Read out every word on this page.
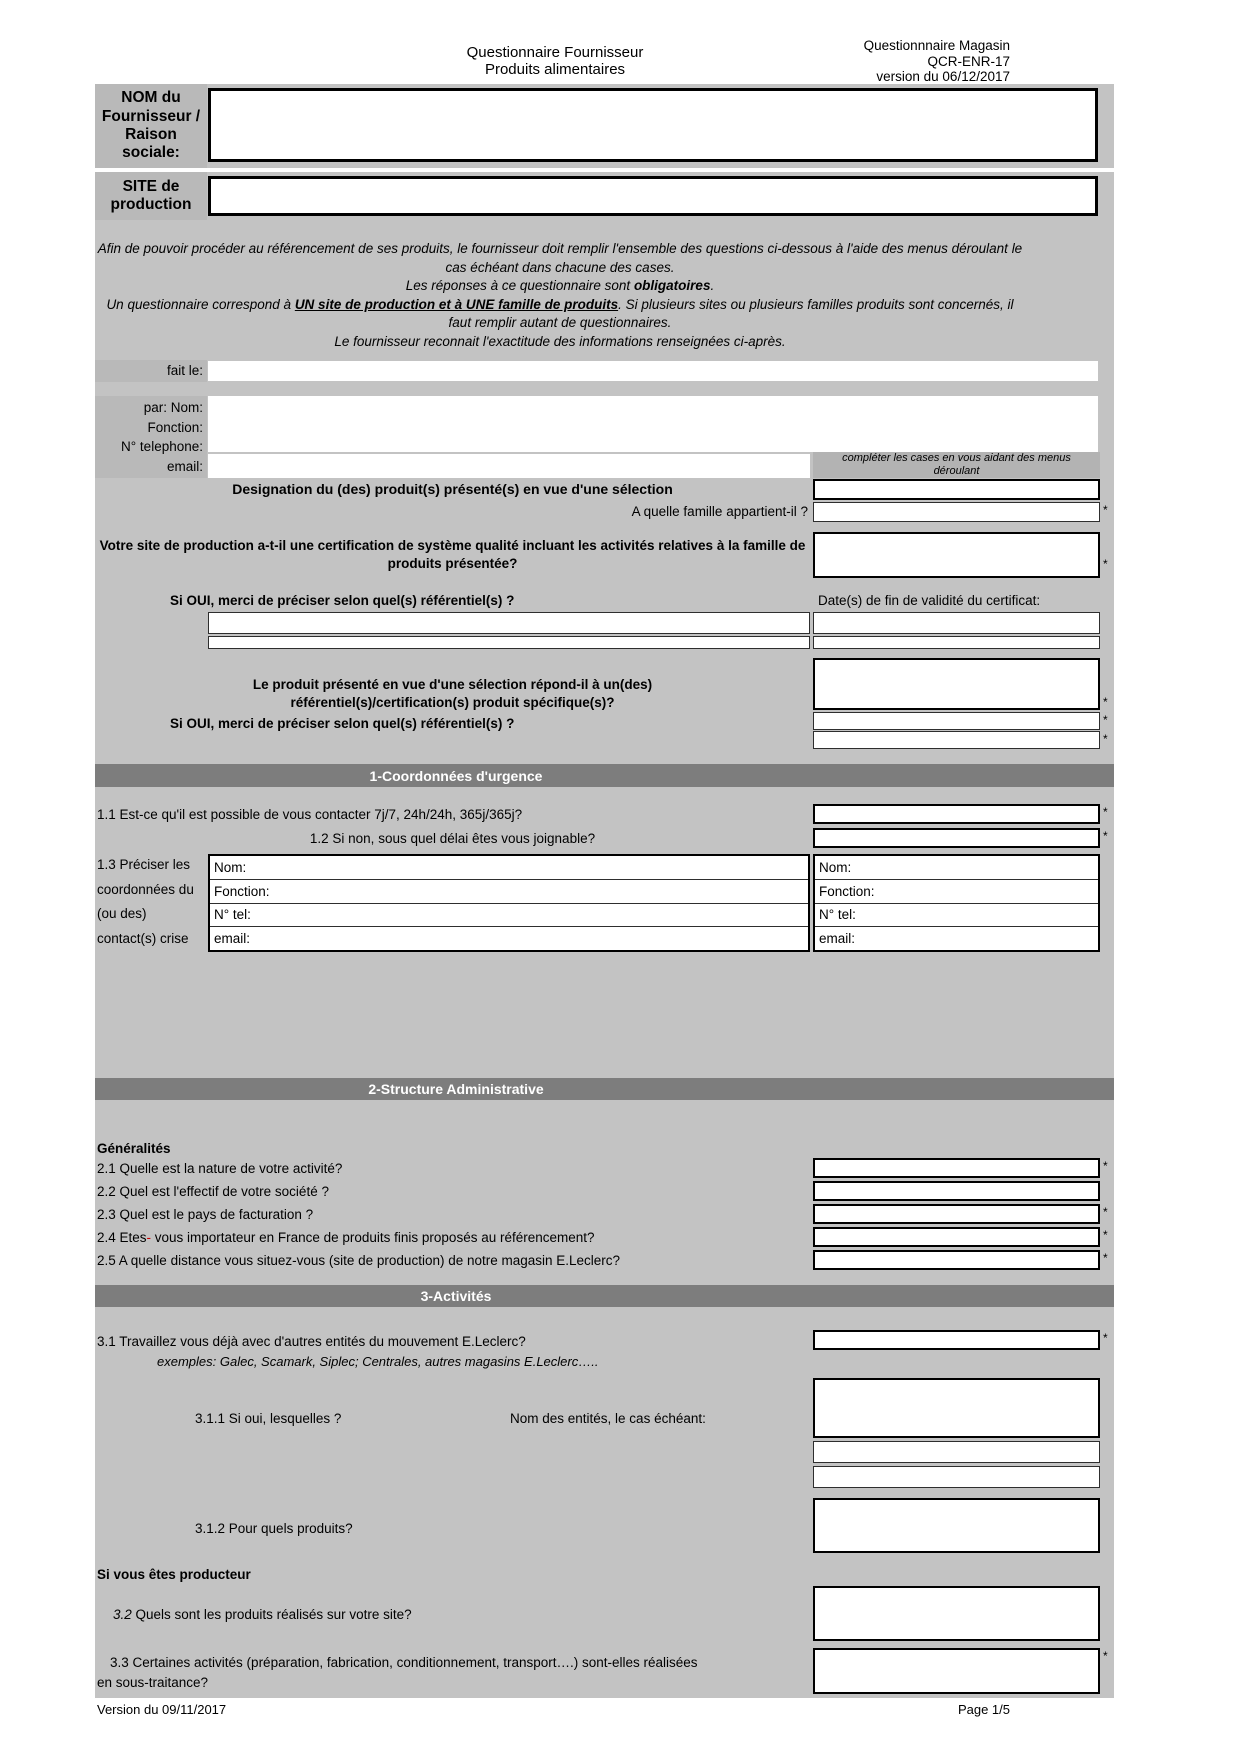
Questionnaire Fournisseur
Produits alimentaires
Questionnnaire Magasin
QCR-ENR-17
version du 06/12/2017
NOM du Fournisseur / Raison sociale:
SITE de production
Afin de pouvoir procéder au référencement de ses produits, le fournisseur doit remplir l'ensemble des questions ci-dessous à l'aide des menus déroulant le cas échéant dans chacune des cases.
Les réponses à ce questionnaire sont obligatoires.
Un questionnaire correspond à UN site de production et à UNE famille de produits. Si plusieurs sites ou plusieurs familles produits sont concernés, il faut remplir autant de questionnaires.
Le fournisseur reconnait l'exactitude des informations renseignées ci-après.
fait le:
par: Nom:
Fonction:
N° telephone:
email:
compléter les cases en vous aidant des menus déroulant
Designation du (des) produit(s) présenté(s) en vue d'une sélection
A quelle famille appartient-il ?	*
Votre site de production a-t-il une certification de système qualité incluant les activités relatives à la famille de produits présentée?	*
Si OUI, merci de préciser selon quel(s) référentiel(s) ?	Date(s) de fin de validité du certificat:
*
Le produit présenté en vue d'une sélection répond-il à un(des)
référentiel(s)/certification(s) produit spécifique(s)?
Si OUI, merci de préciser selon quel(s) référentiel(s) ?	*
*
1-Coordonnées d'urgence
1.1 Est-ce qu'il est possible de vous contacter 7j/7, 24h/24h, 365j/365j?	*
1.2 Si non, sous quel délai êtes vous joignable?	*
1.3 Préciser les coordonnées du (ou des) contact(s) crise
Nom:
Fonction:
N° tel:
email:
Nom:
Fonction:
N° tel:
email:
2-Structure Administrative
Généralités
2.1 Quelle est la nature de votre activité?	*
2.2 Quel est l'effectif de votre société ?
2.3 Quel est le pays de facturation ?	*
2.4 Etes- vous importateur en France de produits finis proposés au référencement?	*
2.5 A quelle distance vous situez-vous (site de production) de notre magasin E.Leclerc?	*
3-Activités
3.1 Travaillez vous déjà avec d'autres entités du mouvement E.Leclerc?	*
exemples: Galec, Scamark, Siplec; Centrales, autres magasins E.Leclerc…..
3.1.1 Si oui, lesquelles ?	Nom des entités, le cas échéant:
3.1.2 Pour quels produits?
Si vous êtes producteur
3.2 Quels sont les produits réalisés sur votre site?
3.3 Certaines activités (préparation, fabrication, conditionnement, transport….) sont-elles réalisées
en sous-traitance?
*
Version du 09/11/2017	Page 1/5
